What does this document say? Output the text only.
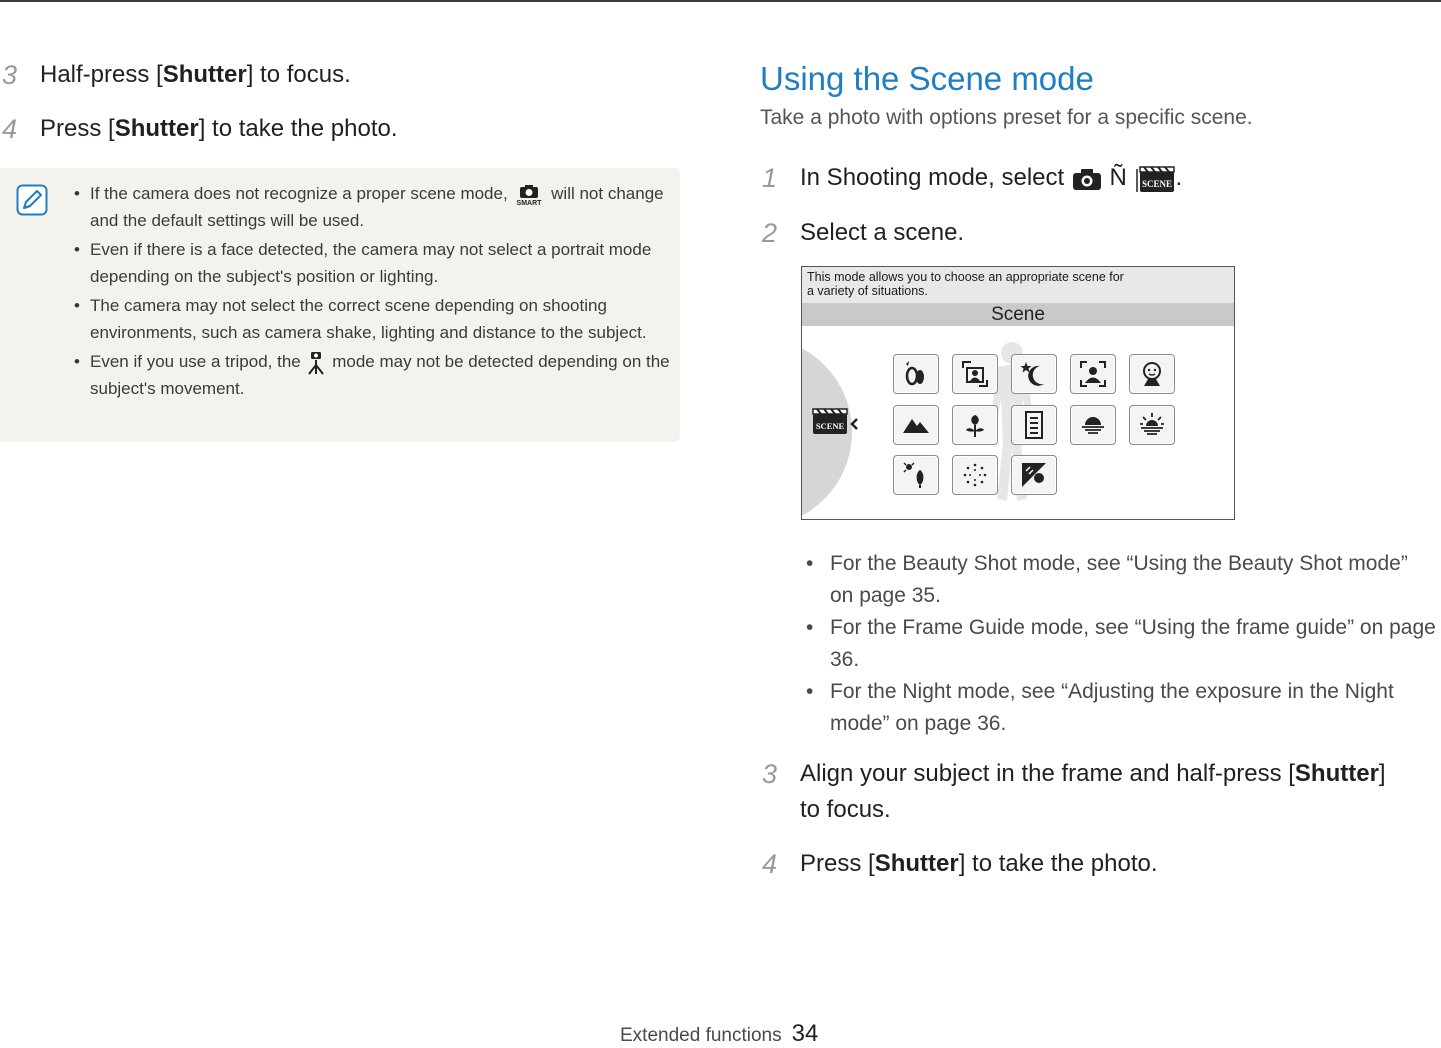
3 Half-press [Shutter] to focus.
4 Press [Shutter] to take the photo.
• If the camera does not recognize a proper scene mode,
SMART
will not change and the default settings will be used.
• Even if there is a face detected, the camera may not select a portrait mode depending on the subject's position or lighting.
• The camera may not select the correct scene depending on shooting environments, such as camera shake, lighting and distance to the subject.
• Even if you use a tripod, the  mode may not be detected depending on the subject's movement.
Using the Scene mode
Take a photo with options preset for a specific scene.
1 In Shooting mode, select  Ñ SCENE .
2 Select a scene.
This mode allows you to choose an appropriate scene for
a variety of situations.
Scene
SCENE
• For the Beauty Shot mode, see “Using the Beauty Shot mode” on page 35.
• For the Frame Guide mode, see “Using the frame guide” on page 36.
• For the Night mode, see “Adjusting the exposure in the Night mode” on page 36.
3 Align your subject in the frame and half-press [Shutter]
to focus.
4 Press [Shutter] to take the photo.
Extended functions 34
